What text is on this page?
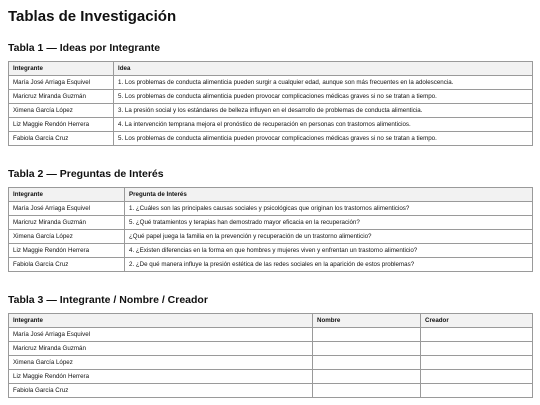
Tablas de Investigación
Tabla 1 — Ideas por Integrante
Integrante	Idea
María José Arriaga Esquivel	1. Los problemas de conducta alimenticia pueden surgir a cualquier edad, aunque son más frecuentes en la adolescencia.
Maricruz Miranda Guzmán	5. Los problemas de conducta alimenticia pueden provocar complicaciones médicas graves si no se tratan a tiempo.
Ximena García López	3. La presión social y los estándares de belleza influyen en el desarrollo de problemas de conducta alimenticia.
Liz Maggie Rendón Herrera	4. La intervención temprana mejora el pronóstico de recuperación en personas con trastornos alimenticios.
Fabiola García Cruz	5. Los problemas de conducta alimenticia pueden provocar complicaciones médicas graves si no se tratan a tiempo.
Tabla 2 — Preguntas de Interés
Integrante	Pregunta de Interés
María José Arriaga Esquivel	1. ¿Cuáles son las principales causas sociales y psicológicas que originan los trastornos alimenticios?
Maricruz Miranda Guzmán	5. ¿Qué tratamientos y terapias han demostrado mayor eficacia en la recuperación?
Ximena García López	¿Qué papel juega la familia en la prevención y recuperación de un trastorno alimenticio?
Liz Maggie Rendón Herrera	4. ¿Existen diferencias en la forma en que hombres y mujeres viven y enfrentan un trastorno alimenticio?
Fabiola García Cruz	2. ¿De qué manera influye la presión estética de las redes sociales en la aparición de estos problemas?
Tabla 3 — Integrante / Nombre / Creador
Integrante	Nombre	Creador
María José Arriaga Esquivel		
Maricruz Miranda Guzmán		
Ximena García López		
Liz Maggie Rendón Herrera		
Fabiola García Cruz		
